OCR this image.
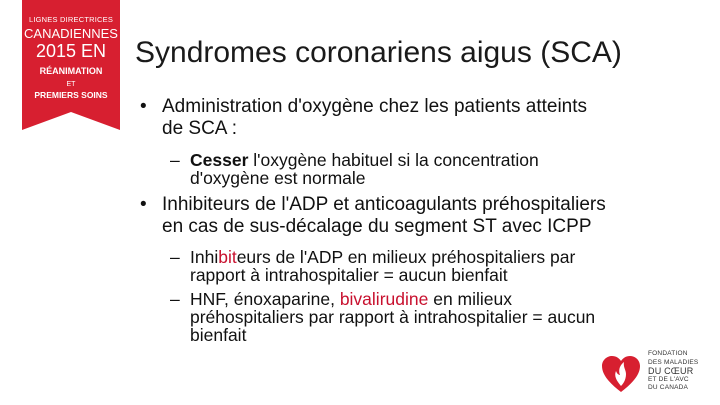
LIGNES DIRECTRICES
CANADIENNES
2015 EN
RÉANIMATION
ET
PREMIERS SOINS
Syndromes coronariens aigus (SCA)
• Administration d'oxygène chez les patients atteints
de SCA :
– Cesser l'oxygène habituel si la concentration
d'oxygène est normale
• Inhibiteurs de l'ADP et anticoagulants préhospitaliers
en cas de sus-décalage du segment ST avec ICPP
– Inhibiteurs de l'ADP en milieux préhospitaliers par
rapport à intrahospitalier = aucun bienfait
– HNF, énoxaparine, bivalirudine en milieux
préhospitaliers par rapport à intrahospitalier = aucun
bienfait
FONDATION
DES MALADIES
DU CŒUR
ET DE L'AVC
DU CANADA
